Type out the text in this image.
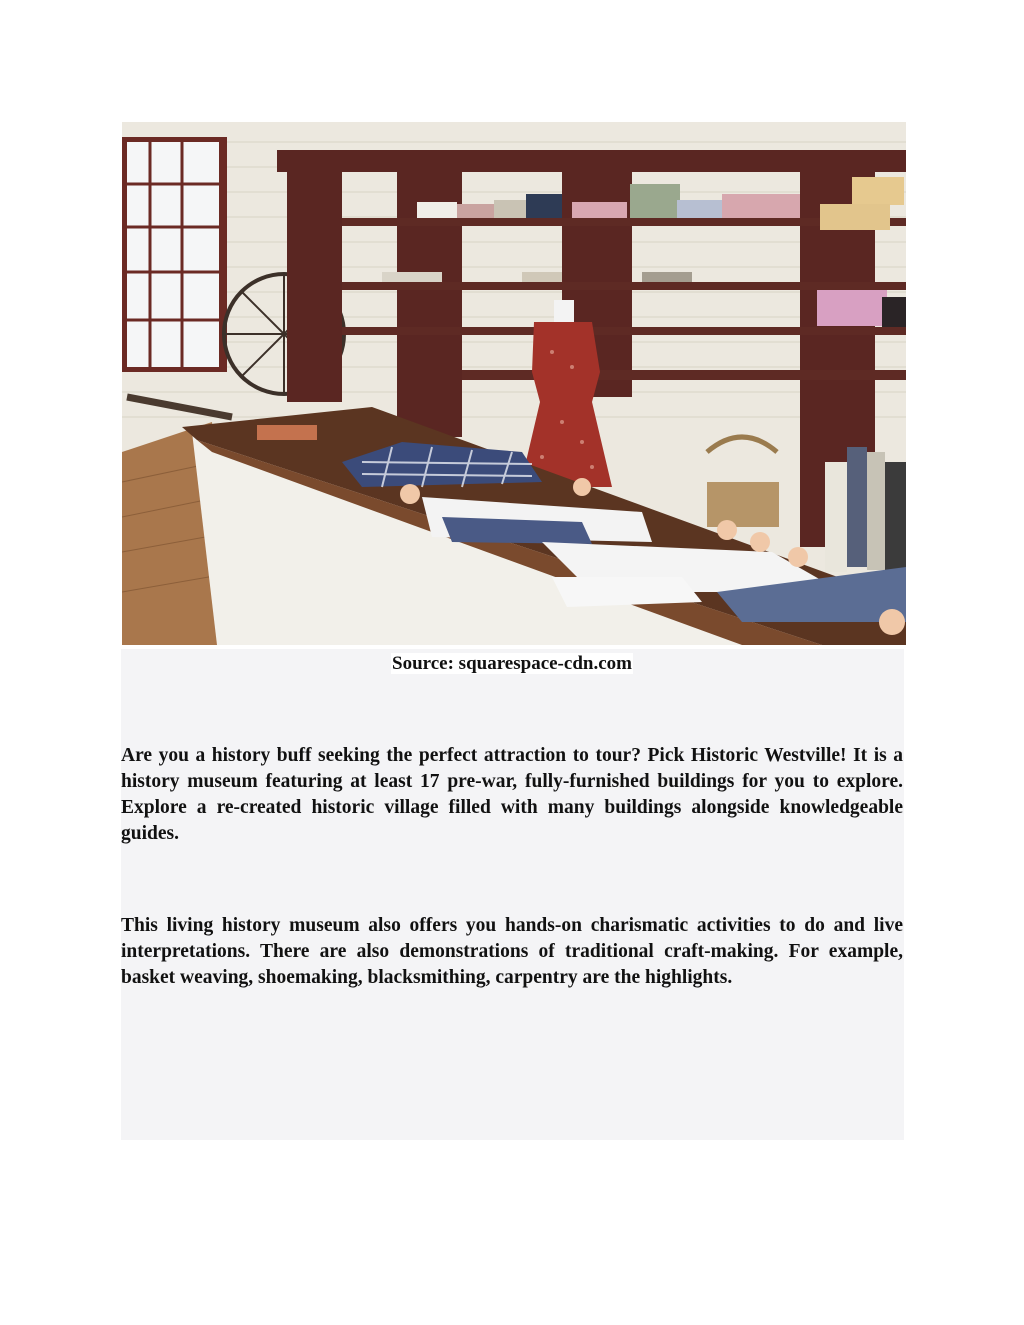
Source: squarespace-cdn.com

Are you a history buff seeking the perfect attraction to tour? Pick Historic Westville! It is a history museum featuring at least 17 pre-war, fully-furnished buildings for you to explore. Explore a re-created historic village filled with many buildings alongside knowledgeable guides.

This living history museum also offers you hands-on charismatic activities to do and live interpretations. There are also demonstrations of traditional craft-making. For example, basket weaving, shoemaking, blacksmithing, carpentry are the highlights.
